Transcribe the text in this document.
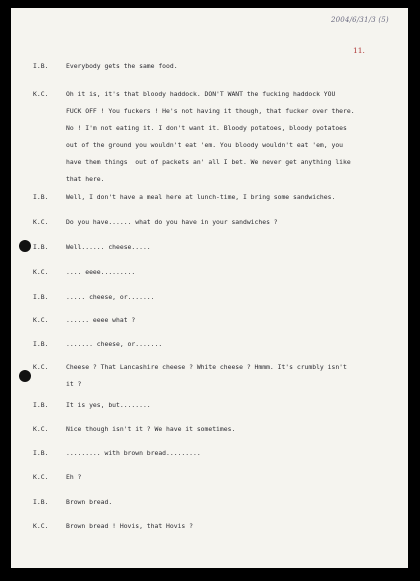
2004/6/31/3 (5)
11.
I.B.	Everybody gets the same food.
K.C.	Oh it is, it's that bloody haddock. DON'T WANT the fucking haddock YOU
FUCK OFF ! You fuckers ! He's not having it though, that fucker over there.
No ! I'm not eating it. I don't want it. Bloody potatoes, bloody potatoes
out of the ground you wouldn't eat 'em. You bloody wouldn't eat 'em, you
have them things  out of packets an' all I bet. We never get anything like
that here.
I.B.	Well, I don't have a meal here at lunch-time, I bring some sandwiches.
K.C.	Do you have...... what do you have in your sandwiches ?
I.B.	Well...... cheese.....
K.C.	.... eeee.........
I.B.	..... cheese, or.......
K.C.	...... eeee what ?
I.B.	....... cheese, or.......
K.C.	Cheese ? That Lancashire cheese ? White cheese ? Hmmm. It's crumbly isn't
it ?
I.B.	It is yes, but........
K.C.	Nice though isn't it ? We have it sometimes.
I.B.	......... with brown bread.........
K.C.	Eh ?
I.B.	Brown bread.
K.C.	Brown bread ! Hovis, that Hovis ?
